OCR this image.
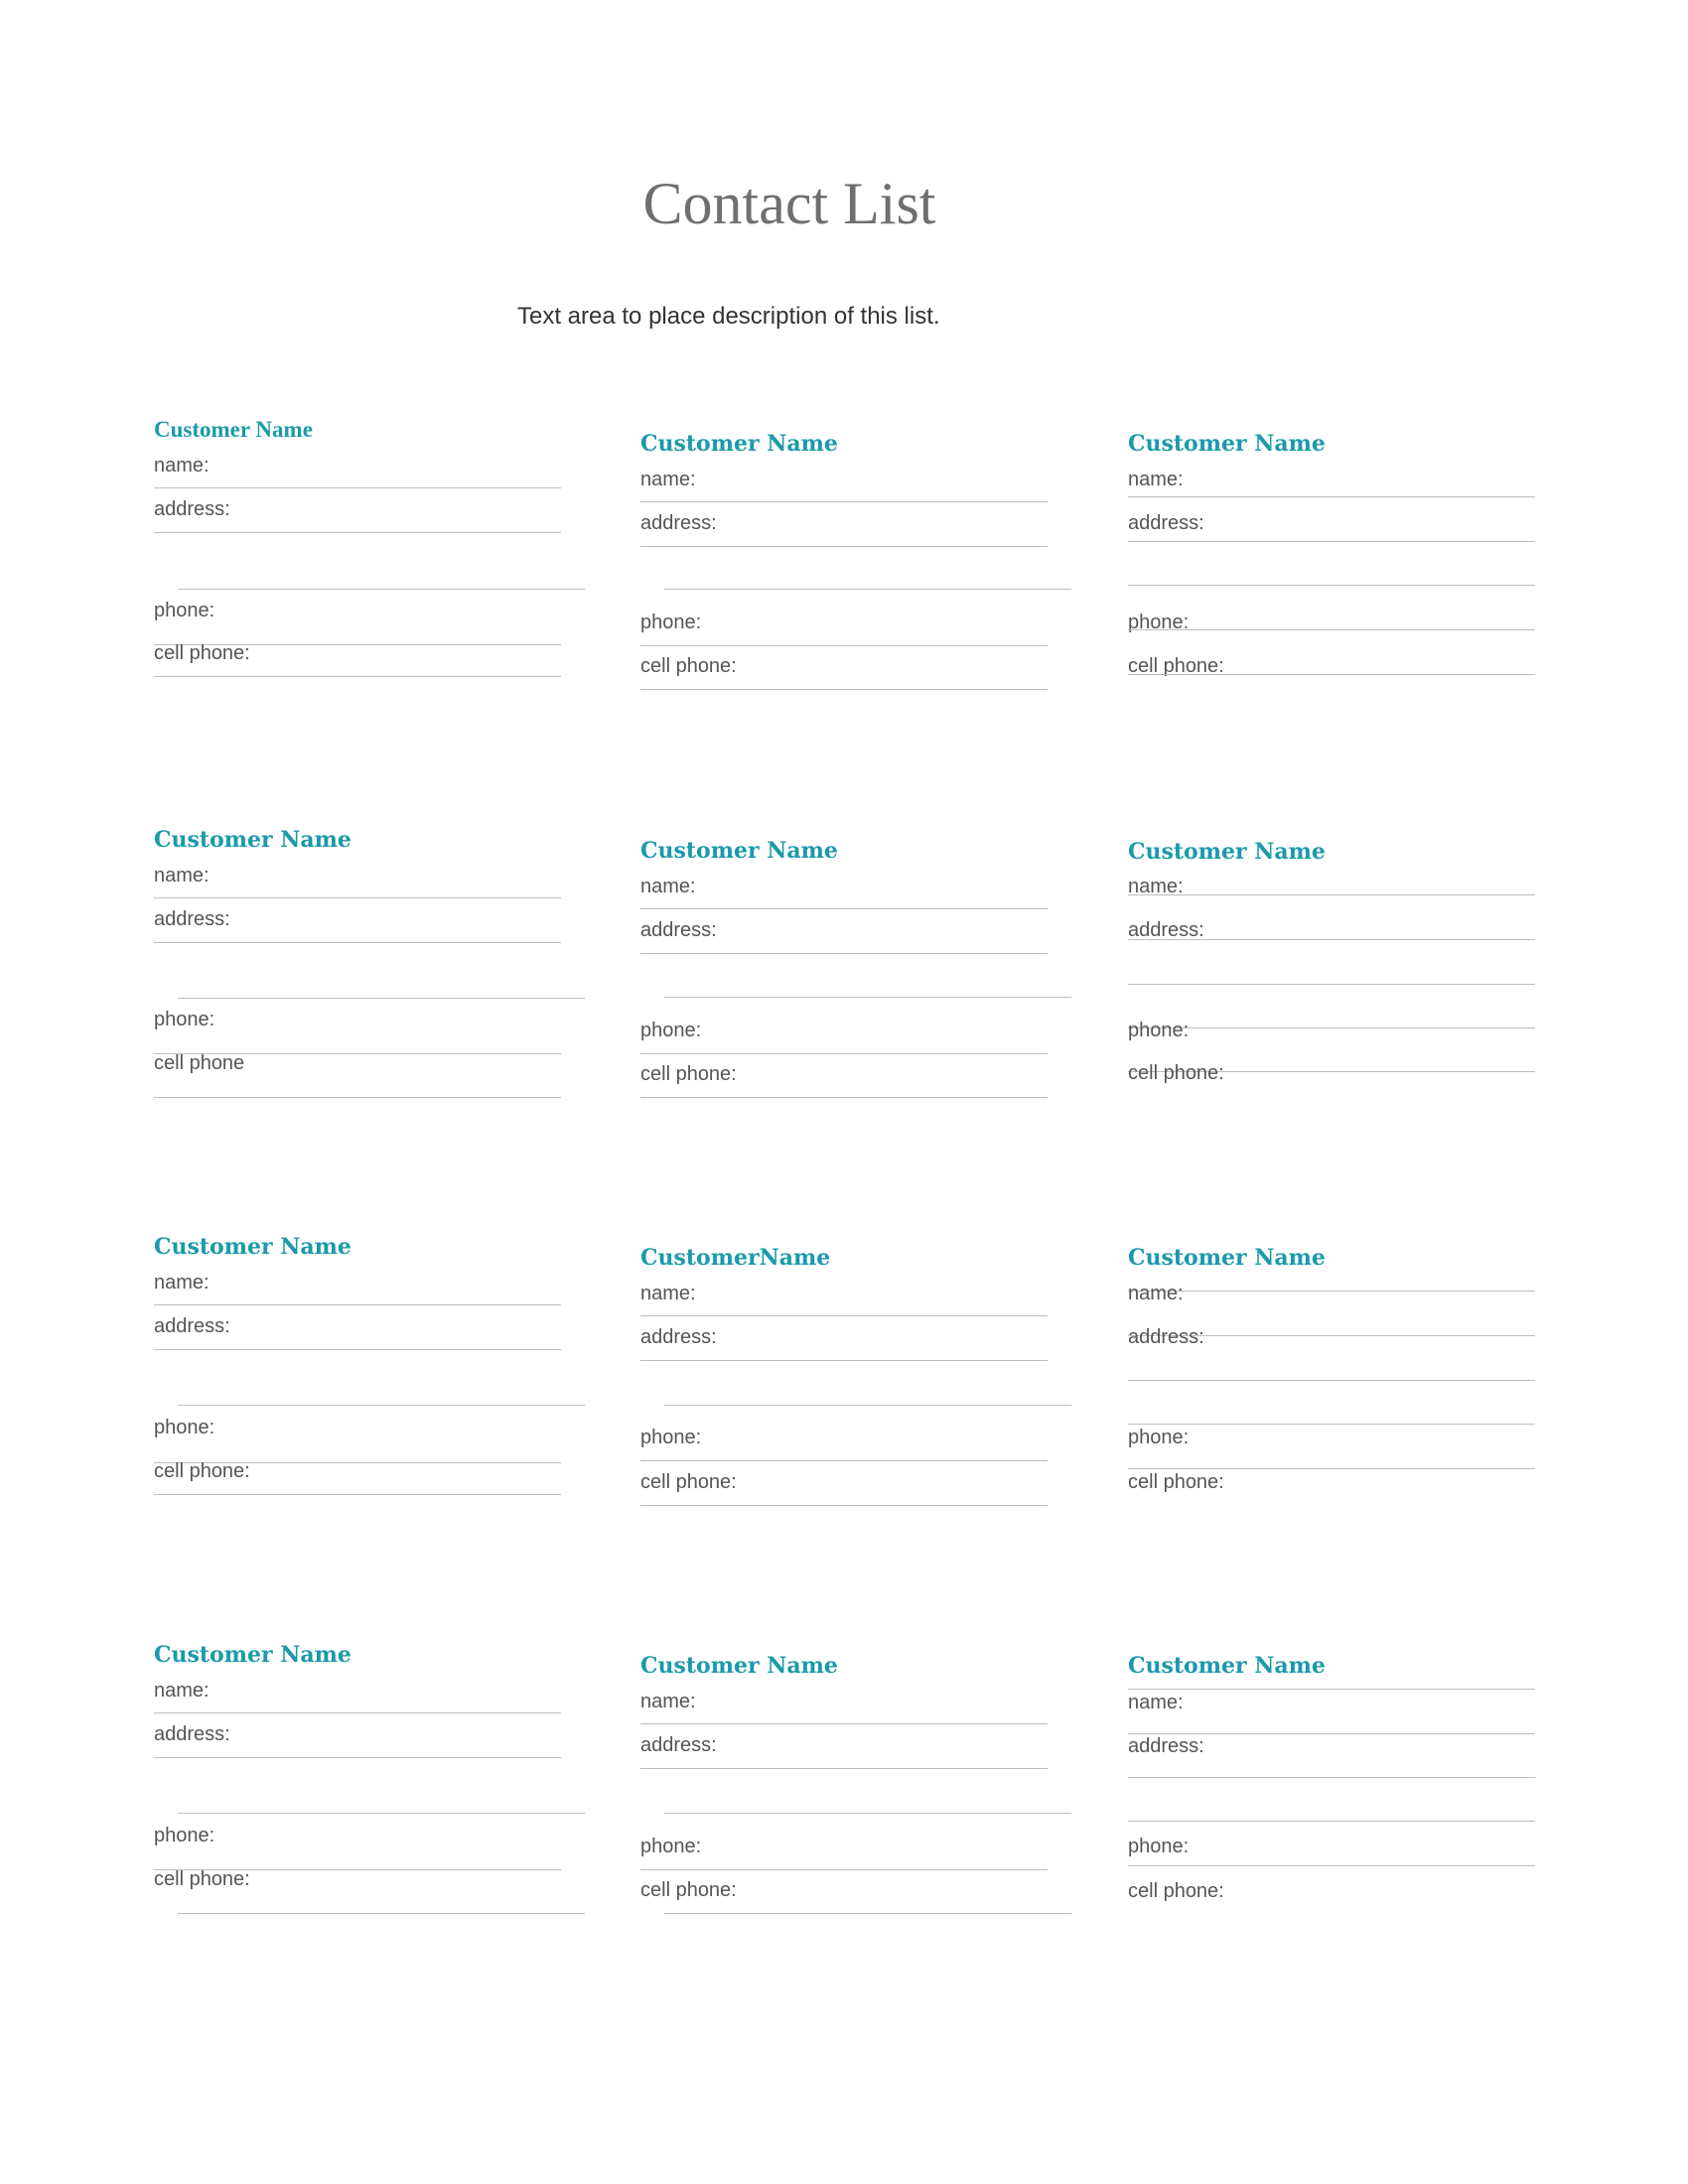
Contact List

Text area to place description of this list.

Customer Name
name:
address:
phone:
cell phone:
Customer Name
name:
address:
phone:
cell phone:
Customer Name
name:
address:
phone:
cell phone:
Customer Name
name:
address:
phone:
cell phone
Customer Name
name:
address:
phone:
cell phone:
Customer Name
name:
address:
phone:
cell phone:
Customer Name
name:
address:
phone:
cell phone:
CustomerName
name:
address:
phone:
cell phone:
Customer Name
name:
address:
phone:
cell phone:
Customer Name
name:
address:
phone:
cell phone:
Customer Name
name:
address:
phone:
cell phone:
Customer Name
name:
address:
phone:
cell phone:
